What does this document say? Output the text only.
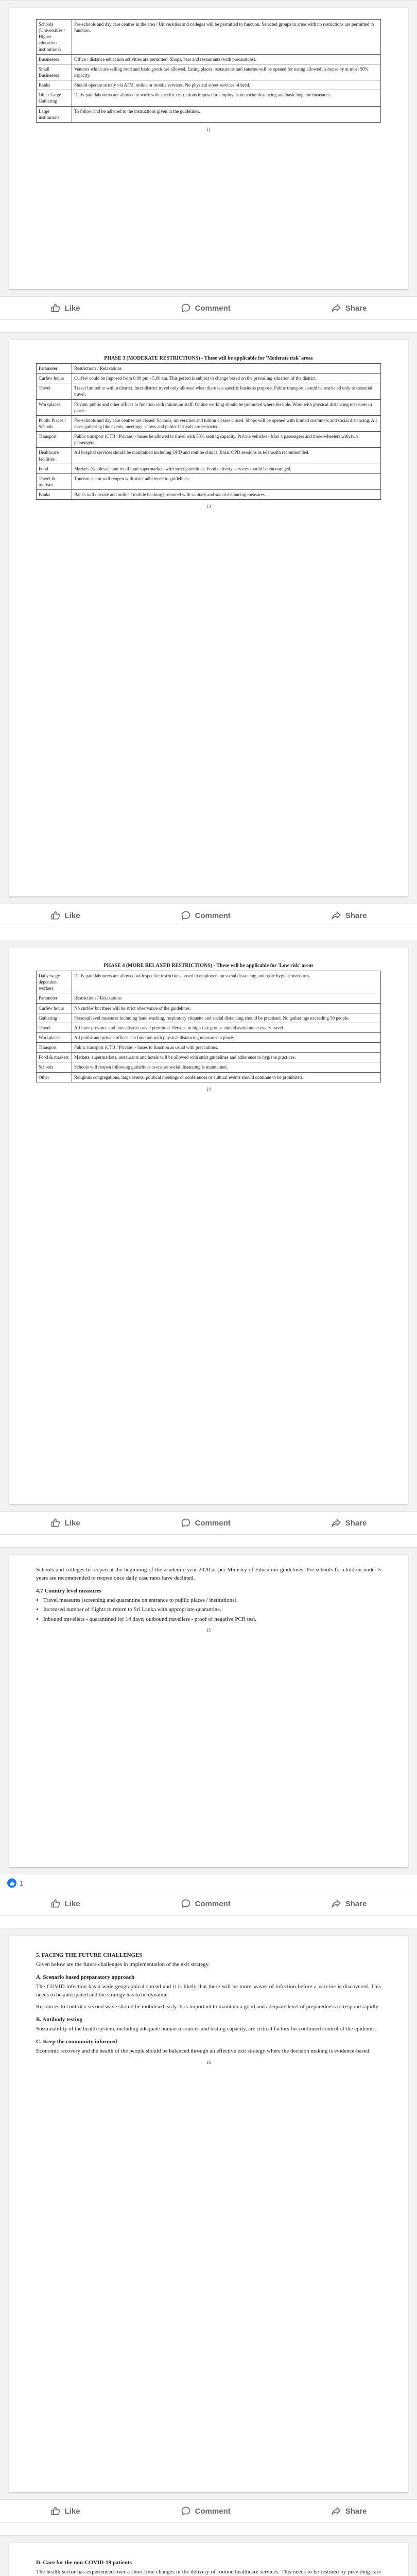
Schools (Universities / Higher education institutions)	Pre-schools and day care centres in the area / Universities and colleges will be permitted to function. Selected groups in areas with no restrictions are permitted to function.
Businesses	Office / distance education activities are permitted. Shops, bars and restaurants (with precautions).
Small Businesses	Vendors which are selling food and basic goods are allowed. Eating places, restaurants and eateries will be opened for eating allowed in-house by at most 50% capacity.
Banks	Should operate strictly via ATM, online or mobile services. No physical street services offered.
Other Large Gathering	Daily paid labourers are allowed to work with specific restrictions imposed to employers on social distancing and basic hygiene measures.
Large institutions	To follow and be adhered to the instructions given in the guidelines.
11
Like	Comment	Share
PHASE 3 (MODERATE RESTRICTIONS) - These will be applicable for 'Moderate risk' areas
Parameter	Restrictions / Relaxations
Curfew hours	Curfew could be imposed from 8.00 pm - 5.00 am. This period is subject to change based on the prevailing situation of the district.
Travel	Travel limited to within district. Inter-district travel only allowed when there is a specific business purpose. Public transport should be restricted only to essential travel.
Workplaces	Private, public and other offices to function with minimum staff. Online working should be promoted where feasible. Work with physical distancing measures in place.
Public Places / Schools	Pre-schools and day care centres are closed. Schools, universities and tuition classes closed. Shops will be opened with limited customers and social distancing. All mass gathering like events, meetings, shows and public festivals are restricted.
Transport	Public transport (CTB / Private) - buses be allowed to travel with 50% seating capacity. Private vehicles - Max 4 passengers and three-wheelers with two passengers.
Healthcare facilities	All hospital services should be maintained including OPD and routine clinics. Basic OPD sessions as telehealth recommended.
Food	Markets (wholesale and retail) and supermarkets with strict guidelines. Food delivery services should be encouraged.
Travel & tourism	Tourism sector will reopen with strict adherence to guidelines.
Banks	Banks will operate and online / mobile banking promoted with sanitary and social distancing measures.
13
Like	Comment	Share
PHASE 4 (MORE RELAXED RESTRICTIONS) - These will be applicable for 'Low risk' areas
Daily wage dependent workers	Daily paid labourers are allowed with specific restrictions posed to employers on social distancing and basic hygiene measures.
Parameter	Restrictions / Relaxations
Curfew hours	No curfew but there will be strict observance of the guidelines.
Gathering	Personal level measures including hand washing, respiratory etiquette and social distancing should be practised. No gatherings exceeding 50 people.
Travel	All inter-province and inter-district travel permitted. Persons in high risk groups should avoid unnecessary travel.
Workplaces	All public and private offices can function with physical distancing measures in place.
Transport	Public transport (CTB / Private) - buses to function as usual with precautions.
Food & markets	Markets, supermarkets, restaurants and hotels will be allowed with strict guidelines and adherence to hygiene practices.
Schools	Schools will reopen following guidelines to ensure social distancing is maintained.
Other	Religious congregations, large events, political meetings or conferences or cultural events should continue to be prohibited.
14
Like	Comment	Share

Schools and colleges to reopen at the beginning of the academic year 2020 as per Ministry of Education guidelines. Pre-schools for children under 5 years are recommended to reopen once daily case rates have declined.

4.7 Country level measures
• Travel measures (screening and quarantine on entrance to public places / institutions).
• Increased number of flights to return to Sri Lanka with appropriate quarantine.
• Inbound travellers - quarantined for 14 days; outbound travellers - proof of negative PCR test.
15
1
Like	Comment	Share
5. FACING THE FUTURE CHALLENGES

Given below are the future challenges in implementation of the exit strategy.

A. Scenario based preparatory approach

The COVID infection has a wide geographical spread and it is likely that there will be more waves of infection before a vaccine is discovered. This needs to be anticipated and the strategy has to be dynamic.

Resources to control a second wave should be mobilised early. It is important to maintain a good and adequate level of preparedness to respond rapidly.

B. Antibody testing

Sustainability of the health system, including adequate human resources and testing capacity, are critical factors for continued control of the epidemic.

C. Keep the community informed

Economic recovery and the health of the people should be balanced through an effective exit strategy where the decision making is evidence-based.

16
Like	Comment	Share
D. Care for the non-COVID-19 patients

The health sector has experienced over a short time changes in the delivery of routine healthcare services. This needs to be restored by providing care
